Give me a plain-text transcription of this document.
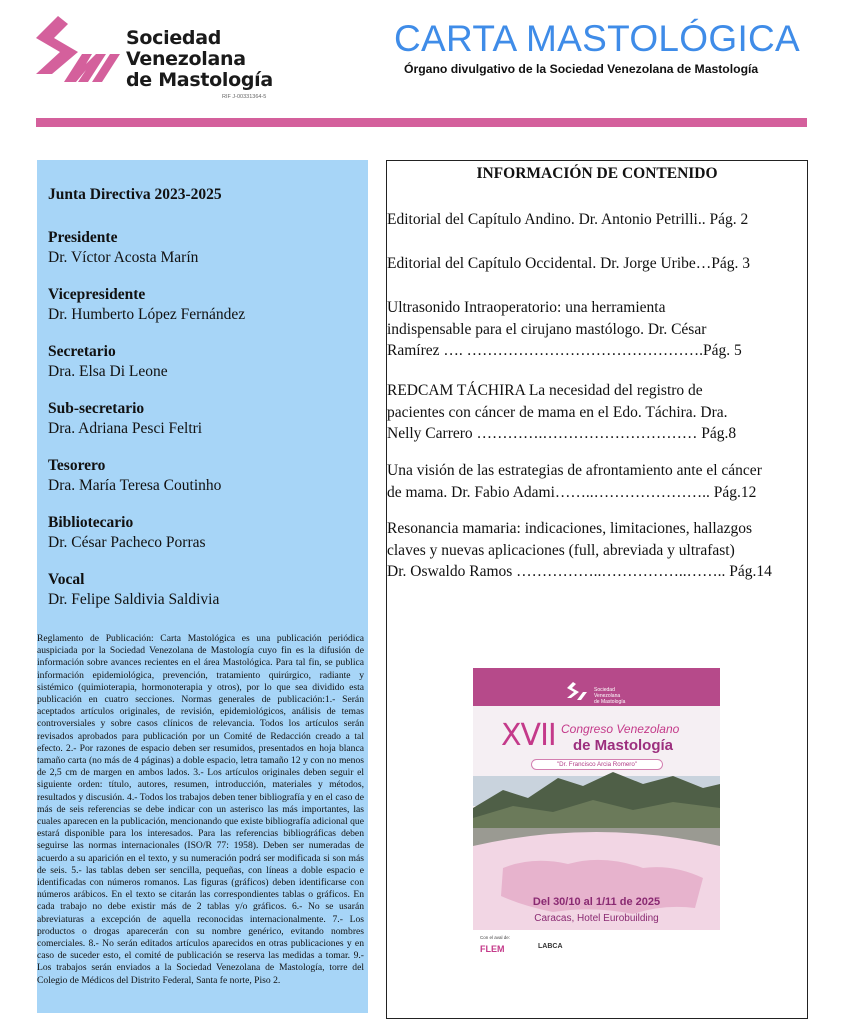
Sociedad
Venezolana
de Mastología
RIF J-00331364-5
CARTA MASTOLÓGICA
Órgano divulgativo de la Sociedad Venezolana de Mastología
Junta Directiva 2023-2025
Presidente
Dr. Víctor Acosta Marín
Vicepresidente
Dr. Humberto López Fernández
Secretario
Dra. Elsa Di Leone
Sub-secretario
Dra. Adriana Pesci Feltri
Tesorero
Dra. María Teresa Coutinho
Bibliotecario
Dr. César Pacheco Porras
Vocal
Dr. Felipe Saldivia Saldivia
Reglamento de Publicación: Carta Mastológica es una publicación periódica auspiciada por la Sociedad Venezolana de Mastología cuyo fin es la difusión de información sobre avances recientes en el área Mastológica. Para tal fin, se publica información epidemiológica, prevención, tratamiento quirúrgico, radiante y sistémico (quimioterapia, hormonoterapia y otros), por lo que sea dividido esta publicación en cuatro secciones. Normas generales de publicación:1.- Serán aceptados artículos originales, de revisión, epidemiológicos, análisis de temas controversiales y sobre casos clínicos de relevancia. Todos los artículos serán revisados aprobados para publicación por un Comité de Redacción creado a tal efecto. 2.- Por razones de espacio deben ser resumidos, presentados en hoja blanca tamaño carta (no más de 4 páginas) a doble espacio, letra tamaño 12 y con no menos de 2,5 cm de margen en ambos lados. 3.- Los artículos originales deben seguir el siguiente orden: título, autores, resumen, introducción, materiales y métodos, resultados y discusión. 4.- Todos los trabajos deben tener bibliografía y en el caso de más de seis referencias se debe indicar con un asterisco las más importantes, las cuales aparecen en la publicación, mencionando que existe bibliografía adicional que estará disponible para los interesados. Para las referencias bibliográficas deben seguirse las normas internacionales (ISO/R 77: 1958). Deben ser numeradas de acuerdo a su aparición en el texto, y su numeración podrá ser modificada si son más de seis. 5.- las tablas deben ser sencilla, pequeñas, con líneas a doble espacio e identificadas con números romanos. Las figuras (gráficos) deben identificarse con números arábicos. En el texto se citarán las correspondientes tablas o gráficos. En cada trabajo no debe existir más de 2 tablas y/o gráficos. 6.- No se usarán abreviaturas a excepción de aquella reconocidas internacionalmente. 7.- Los productos o drogas aparecerán con su nombre genérico, evitando nombres comerciales. 8.- No serán editados artículos aparecidos en otras publicaciones y en caso de suceder esto, el comité de publicación se reserva las medidas a tomar. 9.- Los trabajos serán enviados a la Sociedad Venezolana de Mastología, torre del Colegio de Médicos del Distrito Federal, Santa fe norte, Piso 2.
INFORMACIÓN DE CONTENIDO
Editorial del Capítulo Andino. Dr. Antonio Petrilli.. Pág. 2
Editorial del Capítulo Occidental. Dr. Jorge Uribe…Pág. 3
Ultrasonido Intraoperatorio: una herramienta
indispensable para el cirujano mastólogo. Dr. César
Ramírez …. ……………………………………….Pág. 5
REDCAM TÁCHIRA La necesidad del registro de
pacientes con cáncer de mama en el Edo. Táchira. Dra.
Nelly Carrero ………….………………………… Pág.8
Una visión de las estrategias de afrontamiento ante el cáncer
de mama. Dr. Fabio Adami……..………………….. Pág.12
Resonancia mamaria: indicaciones, limitaciones, hallazgos
claves y nuevas aplicaciones (full, abreviada y ultrafast)
Dr. Oswaldo Ramos ……………..……………..…….. Pág.14
Sociedad
Venezolana
de Mastología
XVII Congreso Venezolano
de Mastología
"Dr. Francisco Arcia Romero"
Del 30/10 al 1/11 de 2025
Caracas, Hotel Eurobuilding
Con el aval de:
FLEM	LABCA
